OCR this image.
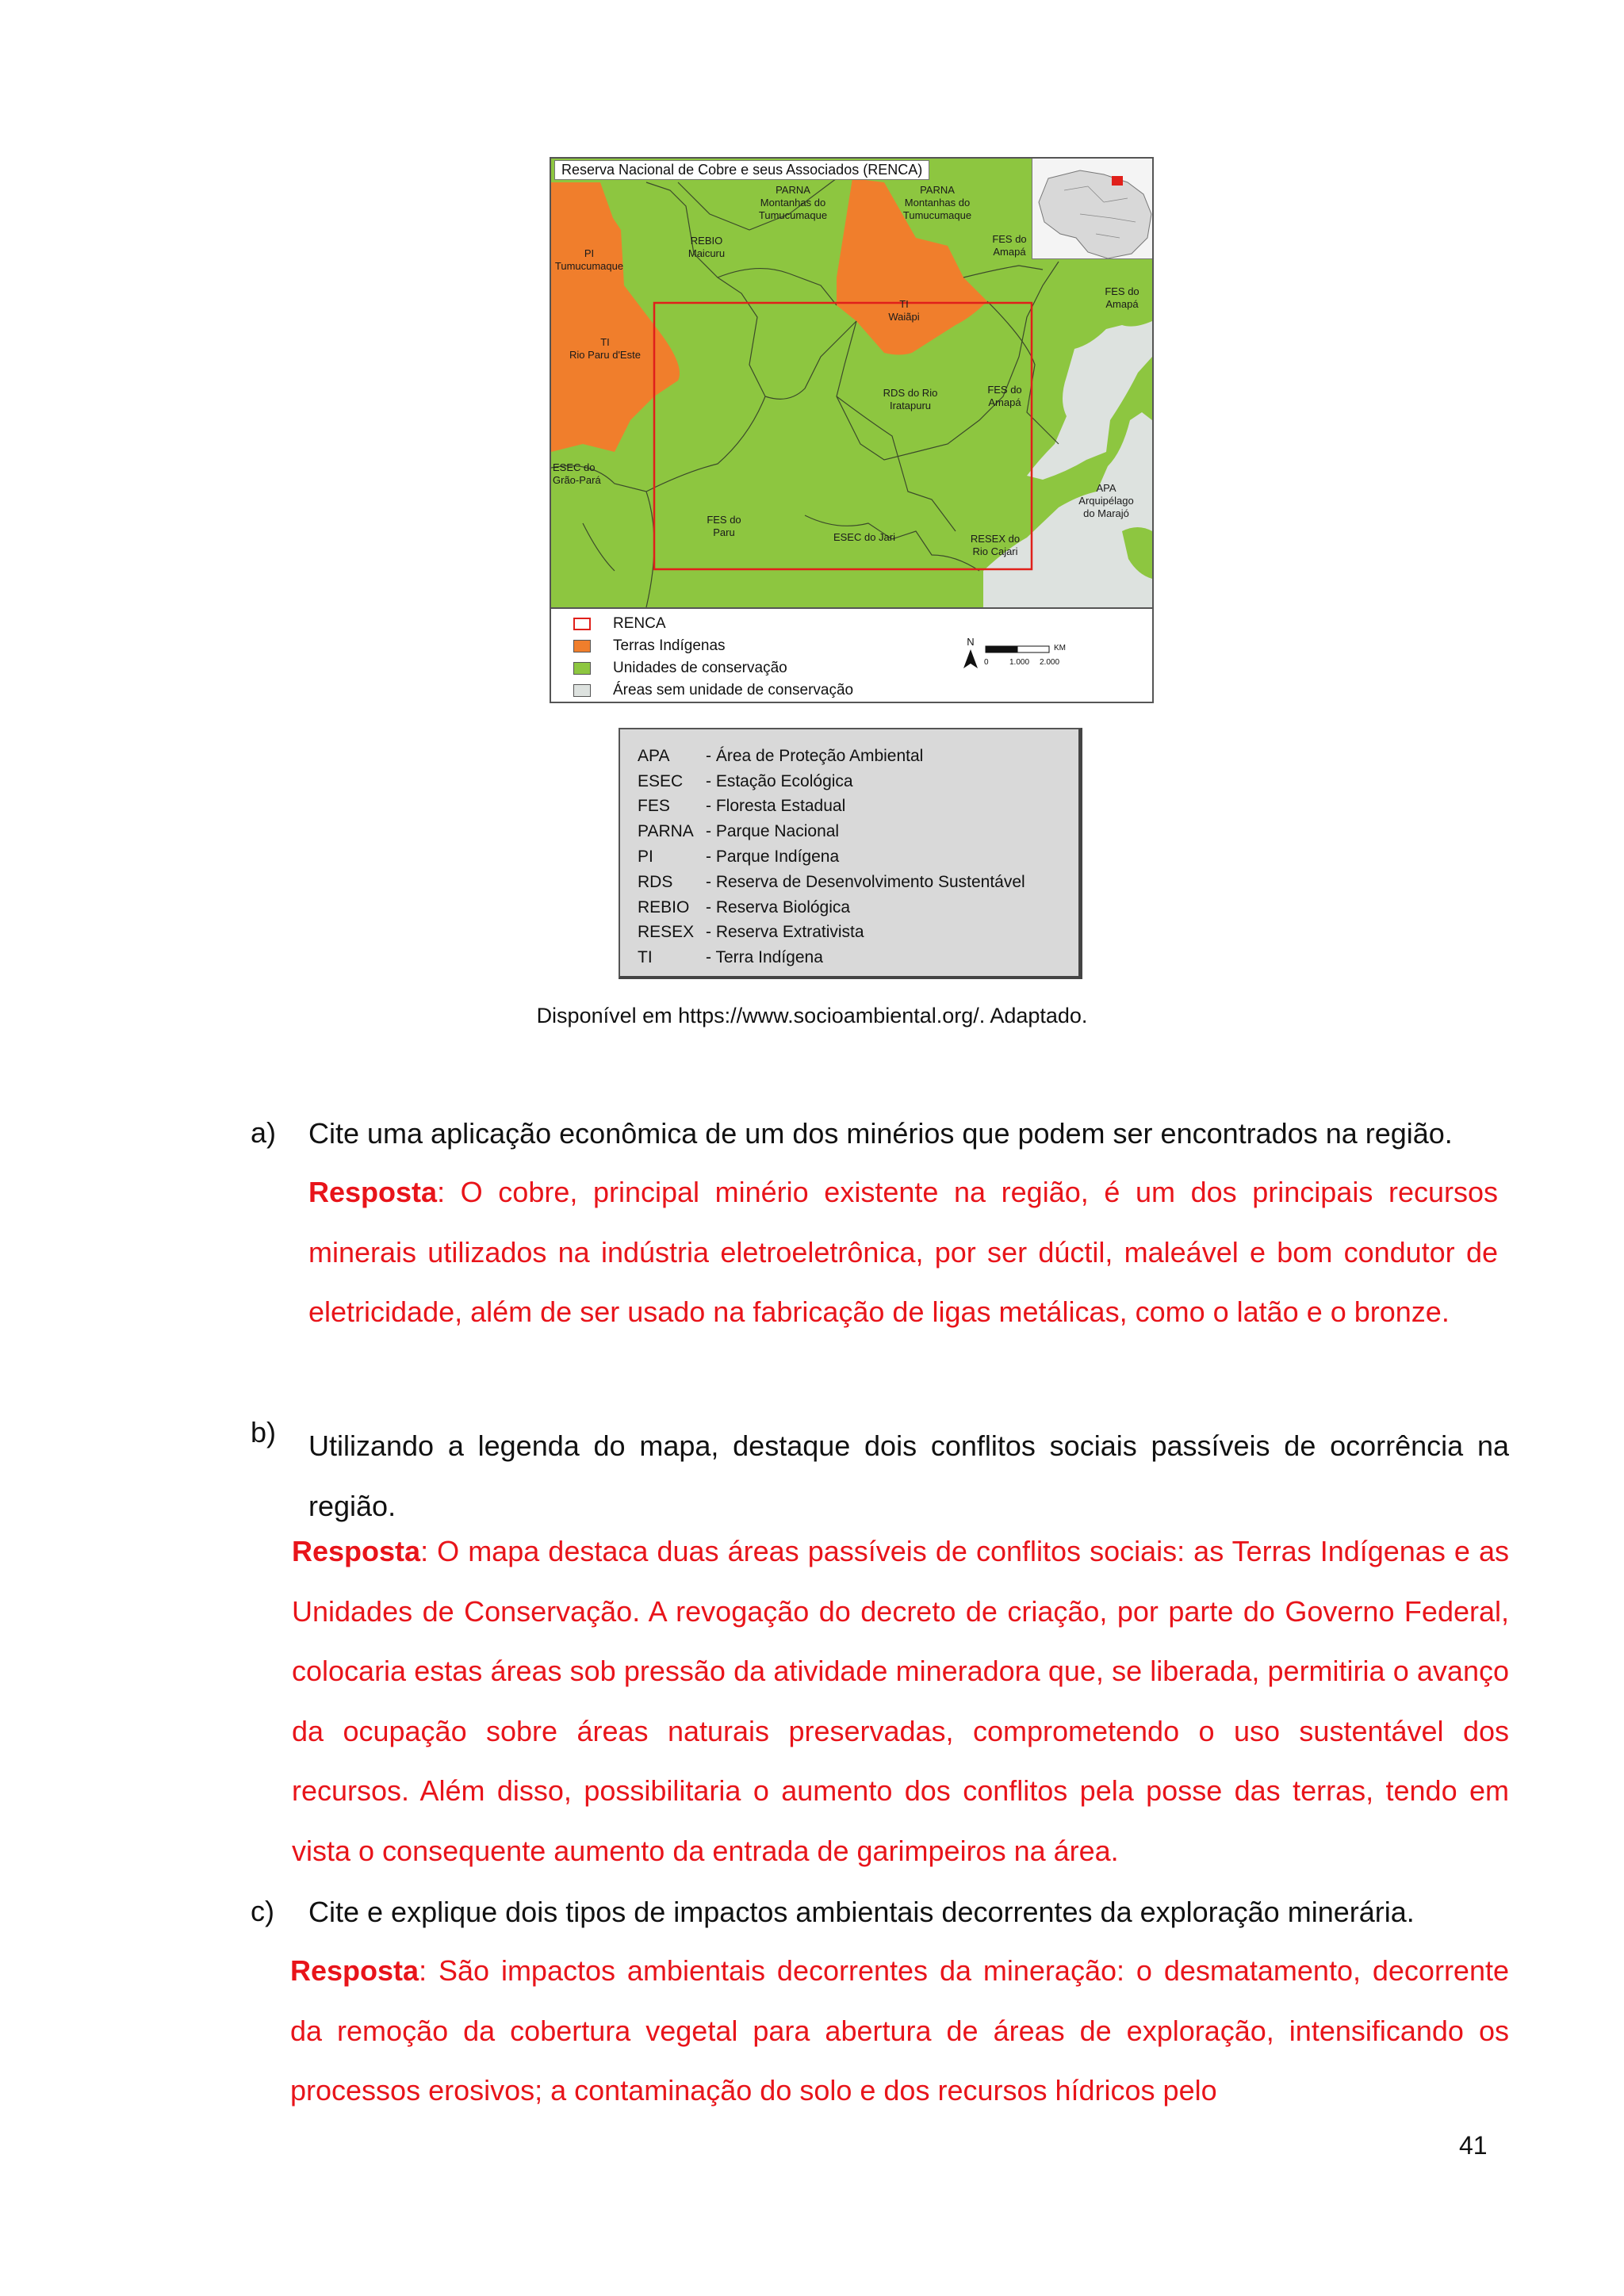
Reserva Nacional de Cobre e seus Associados (RENCA)
PARNA
Montanhas do
Tumucumaque
PARNA
Montanhas do
Tumucumaque
PI
Tumucumaque
REBIO
Maicuru
FES do
Amapá
FES do
Amapá
TI
Waiãpi
TI
Rio Paru d'Este
RDS do Rio
Iratapuru
FES do
Amapá
ESEC do
Grão-Pará
APA
Arquipélago
do Marajó
FES do
Paru	ESEC do Jari	RESEX do
Rio Cajari
RENCA
Terras Indígenas
Unidades de conservação
Áreas sem unidade de conservação
N
KM
0	1.000 2.000
APA	- Área de Proteção Ambiental
ESEC	- Estação Ecológica
FES	- Floresta Estadual
PARNA - Parque Nacional
PI	- Parque Indígena
RDS	- Reserva de Desenvolvimento Sustentável
REBIO - Reserva Biológica
RESEX - Reserva Extrativista
TI	- Terra Indígena
Disponível em https://www.socioambiental.org/. Adaptado.
a) Cite uma aplicação econômica de um dos minérios que podem ser encontrados na região.
Resposta: O cobre, principal minério existente na região, é um dos principais recursos minerais utilizados na indústria eletroeletrônica, por ser dúctil, maleável e bom condutor de eletricidade, além de ser usado na fabricação de ligas metálicas, como o latão e o bronze.
b) Utilizando a legenda do mapa, destaque dois conflitos sociais passíveis de ocorrência na região.
Resposta: O mapa destaca duas áreas passíveis de conflitos sociais: as Terras Indígenas e as Unidades de Conservação. A revogação do decreto de criação, por parte do Governo Federal, colocaria estas áreas sob pressão da atividade mineradora que, se liberada, permitiria o avanço da ocupação sobre áreas naturais preservadas, comprometendo o uso sustentável dos recursos. Além disso, possibilitaria o aumento dos conflitos pela posse das terras, tendo em vista o consequente aumento da entrada de garimpeiros na área.
c) Cite e explique dois tipos de impactos ambientais decorrentes da exploração minerária.
Resposta: São impactos ambientais decorrentes da mineração: o desmatamento, decorrente da remoção da cobertura vegetal para abertura de áreas de exploração, intensificando os processos erosivos; a contaminação do solo e dos recursos hídricos pelo
41
